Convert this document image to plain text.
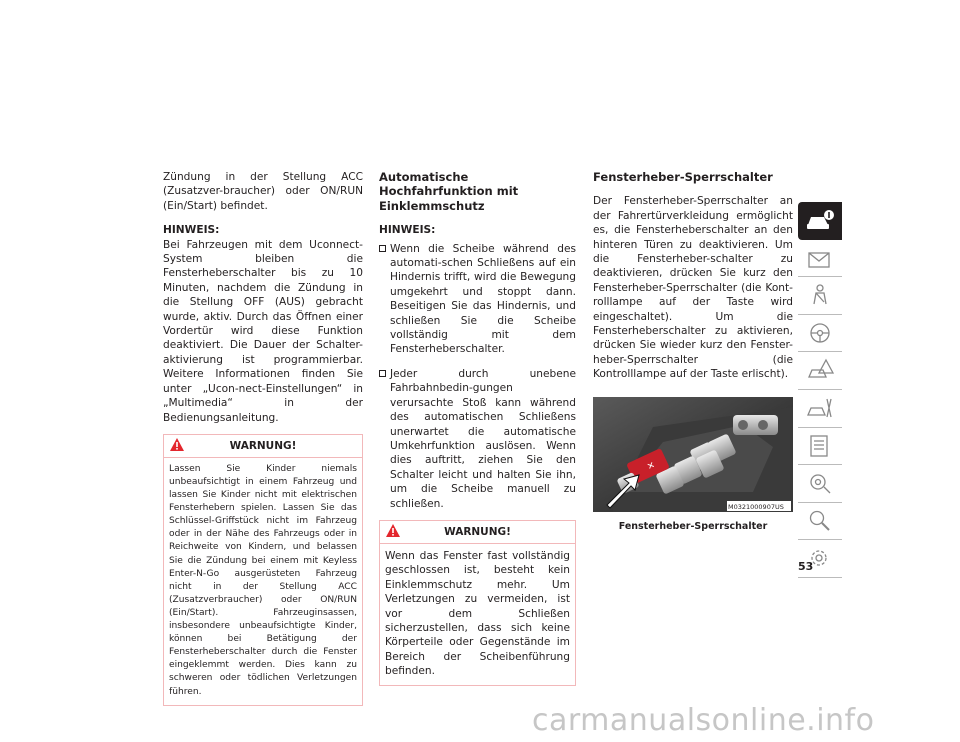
Zündung in der Stellung ACC (Zusatzver-braucher) oder ON/RUN (Ein/Start) befindet.

HINWEIS:

Bei Fahrzeugen mit dem Uconnect-System bleiben die Fensterheberschalter bis zu 10 Minuten, nachdem die Zündung in die Stellung OFF (AUS) gebracht wurde, aktiv. Durch das Öffnen einer Vordertür wird diese Funktion deaktiviert. Die Dauer der Schalter-aktivierung ist programmierbar. Weitere Informationen finden Sie unter „Ucon-nect-Einstellungen“ in „Multimedia“ in der Bedienungsanleitung.

WARNUNG!

Lassen Sie Kinder niemals unbeaufsichtigt in einem Fahrzeug und lassen Sie Kinder nicht mit elektrischen Fensterhebern spielen. Lassen Sie das Schlüssel-Griffstück nicht im Fahrzeug oder in der Nähe des Fahrzeugs oder in Reichweite von Kindern, und belassen Sie die Zündung bei einem mit Keyless Enter-N-Go ausgerüsteten Fahrzeug nicht in der Stellung ACC (Zusatzverbraucher) oder ON/RUN (Ein/Start). Fahrzeuginsassen, insbesondere unbeaufsichtigte Kinder, können bei Betätigung der Fensterheberschalter durch die Fenster eingeklemmt werden. Dies kann zu schweren oder tödlichen Verletzungen führen.

Automatische Hochfahrfunktion mit Einklemmschutz
HINWEIS:
Wenn die Scheibe während des automati-schen Schließens auf ein Hindernis trifft, wird die Bewegung umgekehrt und stoppt dann. Beseitigen Sie das Hindernis, und schließen Sie die Scheibe vollständig mit dem Fensterheberschalter.
Jeder durch unebene Fahrbahnbedin-gungen verursachte Stoß kann während des automatischen Schließens unerwartet die automatische Umkehrfunktion auslösen. Wenn dies auftritt, ziehen Sie den Schalter leicht und halten Sie ihn, um die Scheibe manuell zu schließen.
WARNUNG!

Wenn das Fenster fast vollständig geschlossen ist, besteht kein Einklemmschutz mehr. Um Verletzungen zu vermeiden, ist vor dem Schließen sicherzustellen, dass sich keine Körperteile oder Gegenstände im Bereich der Scheibenführung befinden.

Fensterheber-Sperrschalter

Der Fensterheber-Sperrschalter an der Fahrertürverkleidung ermöglicht es, die Fensterheberschalter an den hinteren Türen zu deaktivieren. Um die Fensterheber-schalter zu deaktivieren, drücken Sie kurz den Fensterheber-Sperrschalter (die Kont-rolllampe auf der Taste wird eingeschaltet). Um die Fensterheberschalter zu aktivieren, drücken Sie wieder kurz den Fenster-heber-Sperrschalter (die Kontrolllampe auf der Taste erlischt).

✕
M0321000907US
Fensterheber-Sperrschalter
53
carmanualsonline.info
